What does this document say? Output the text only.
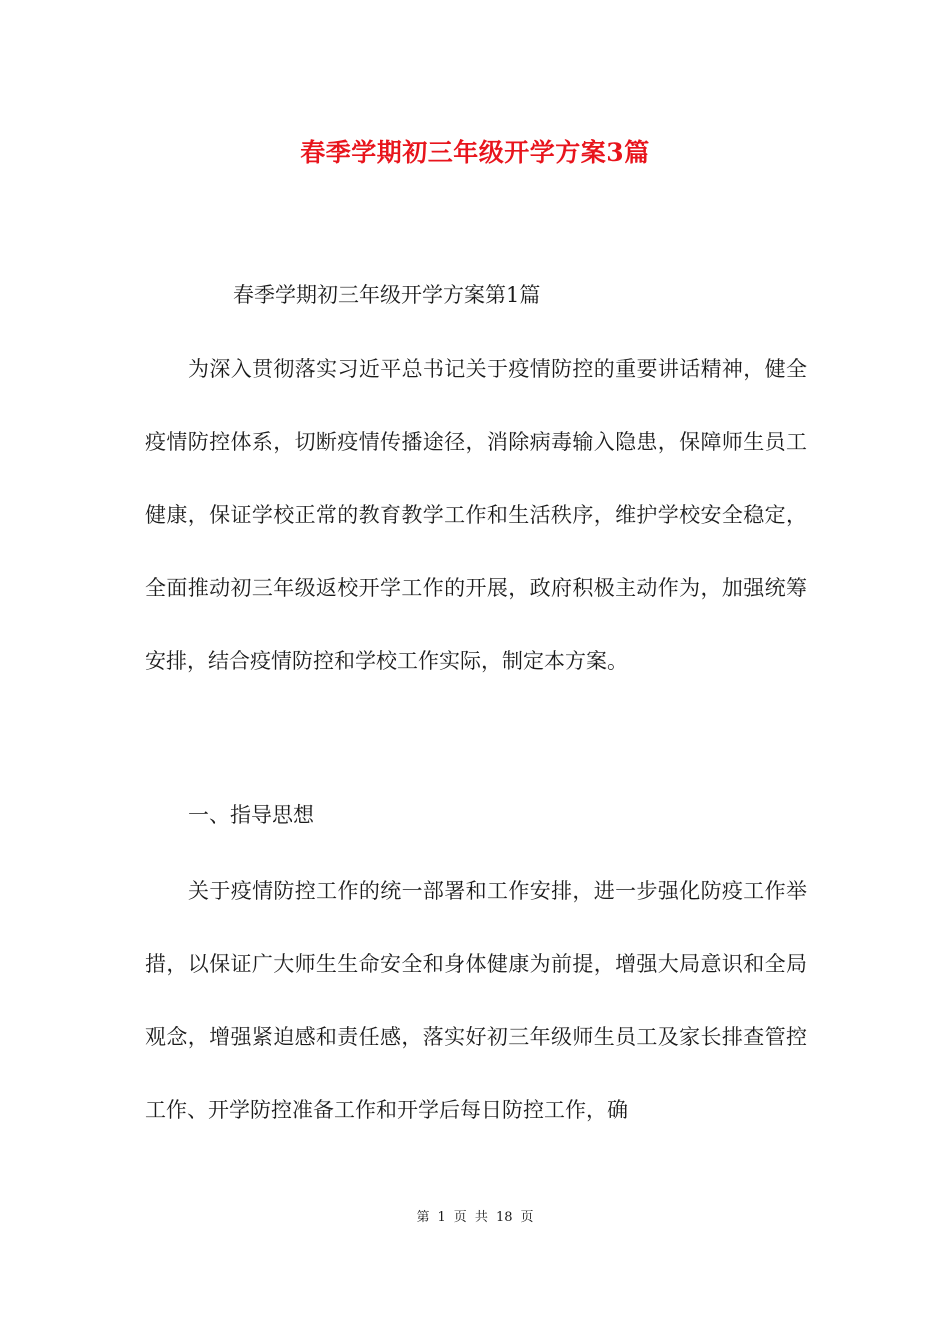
春季学期初三年级开学方案3篇
春季学期初三年级开学方案第1篇

为深入贯彻落实习近平总书记关于疫情防控的重要讲话精神，健全疫情防控体系，切断疫情传播途径，消除病毒输入隐患，保障师生员工健康，保证学校正常的教育教学工作和生活秩序，维护学校安全稳定，全面推动初三年级返校开学工作的开展，政府积极主动作为，加强统筹安排，结合疫情防控和学校工作实际，制定本方案。

一、指导思想

关于疫情防控工作的统一部署和工作安排，进一步强化防疫工作举措，以保证广大师生生命安全和身体健康为前提，增强大局意识和全局观念，增强紧迫感和责任感，落实好初三年级师生员工及家长排查管控工作、开学防控准备工作和开学后每日防控工作，确

第 1 页 共 18 页
